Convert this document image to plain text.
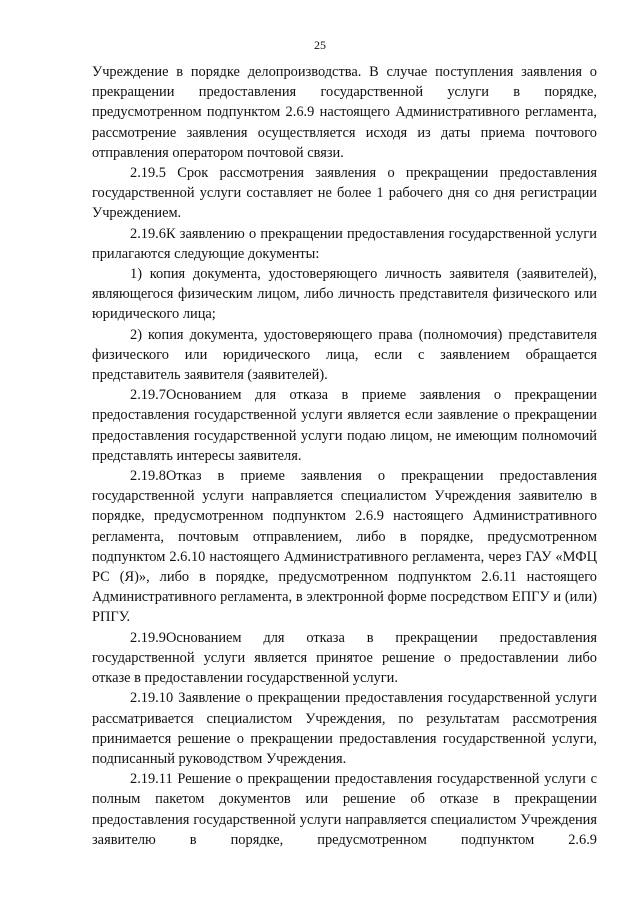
25

Учреждение в порядке делопроизводства. В случае поступления заявления о прекращении предоставления государственной услуги в порядке, предусмотренном подпунктом 2.6.9 настоящего Административного регламента, рассмотрение заявления осуществляется исходя из даты приема почтового отправления оператором почтовой связи.

2.19.5 Срок рассмотрения заявления о прекращении предоставления государственной услуги составляет не более 1 рабочего дня со дня регистрации Учреждением.

2.19.6К заявлению о прекращении предоставления государственной услуги прилагаются следующие документы:

1) копия документа, удостоверяющего личность заявителя (заявителей), являющегося физическим лицом, либо личность представителя физического или юридического лица;

2) копия документа, удостоверяющего права (полномочия) представителя физического или юридического лица, если с заявлением обращается представитель заявителя (заявителей).

2.19.7Основанием для отказа в приеме заявления о прекращении предоставления государственной услуги является если заявление о прекращении предоставления государственной услуги подаю лицом, не имеющим полномочий представлять интересы заявителя.

2.19.8Отказ в приеме заявления о прекращении предоставления государственной услуги направляется специалистом Учреждения заявителю в порядке, предусмотренном подпунктом 2.6.9 настоящего Административного регламента, почтовым отправлением, либо в порядке, предусмотренном подпунктом 2.6.10 настоящего Административного регламента, через ГАУ «МФЦ РС (Я)», либо в порядке, предусмотренном подпунктом 2.6.11 настоящего Административного регламента, в электронной форме посредством ЕПГУ и (или) РПГУ.

2.19.9Основанием для отказа в прекращении предоставления государственной услуги является принятое решение о предоставлении либо отказе в предоставлении государственной услуги.

2.19.10 Заявление о прекращении предоставления государственной услуги рассматривается специалистом Учреждения, по результатам рассмотрения принимается решение о прекращении предоставления государственной услуги, подписанный руководством Учреждения.

2.19.11 Решение о прекращении предоставления государственной услуги с полным пакетом документов или решение об отказе в прекращении предоставления государственной услуги направляется специалистом Учреждения заявителю в порядке, предусмотренном подпунктом 2.6.9
